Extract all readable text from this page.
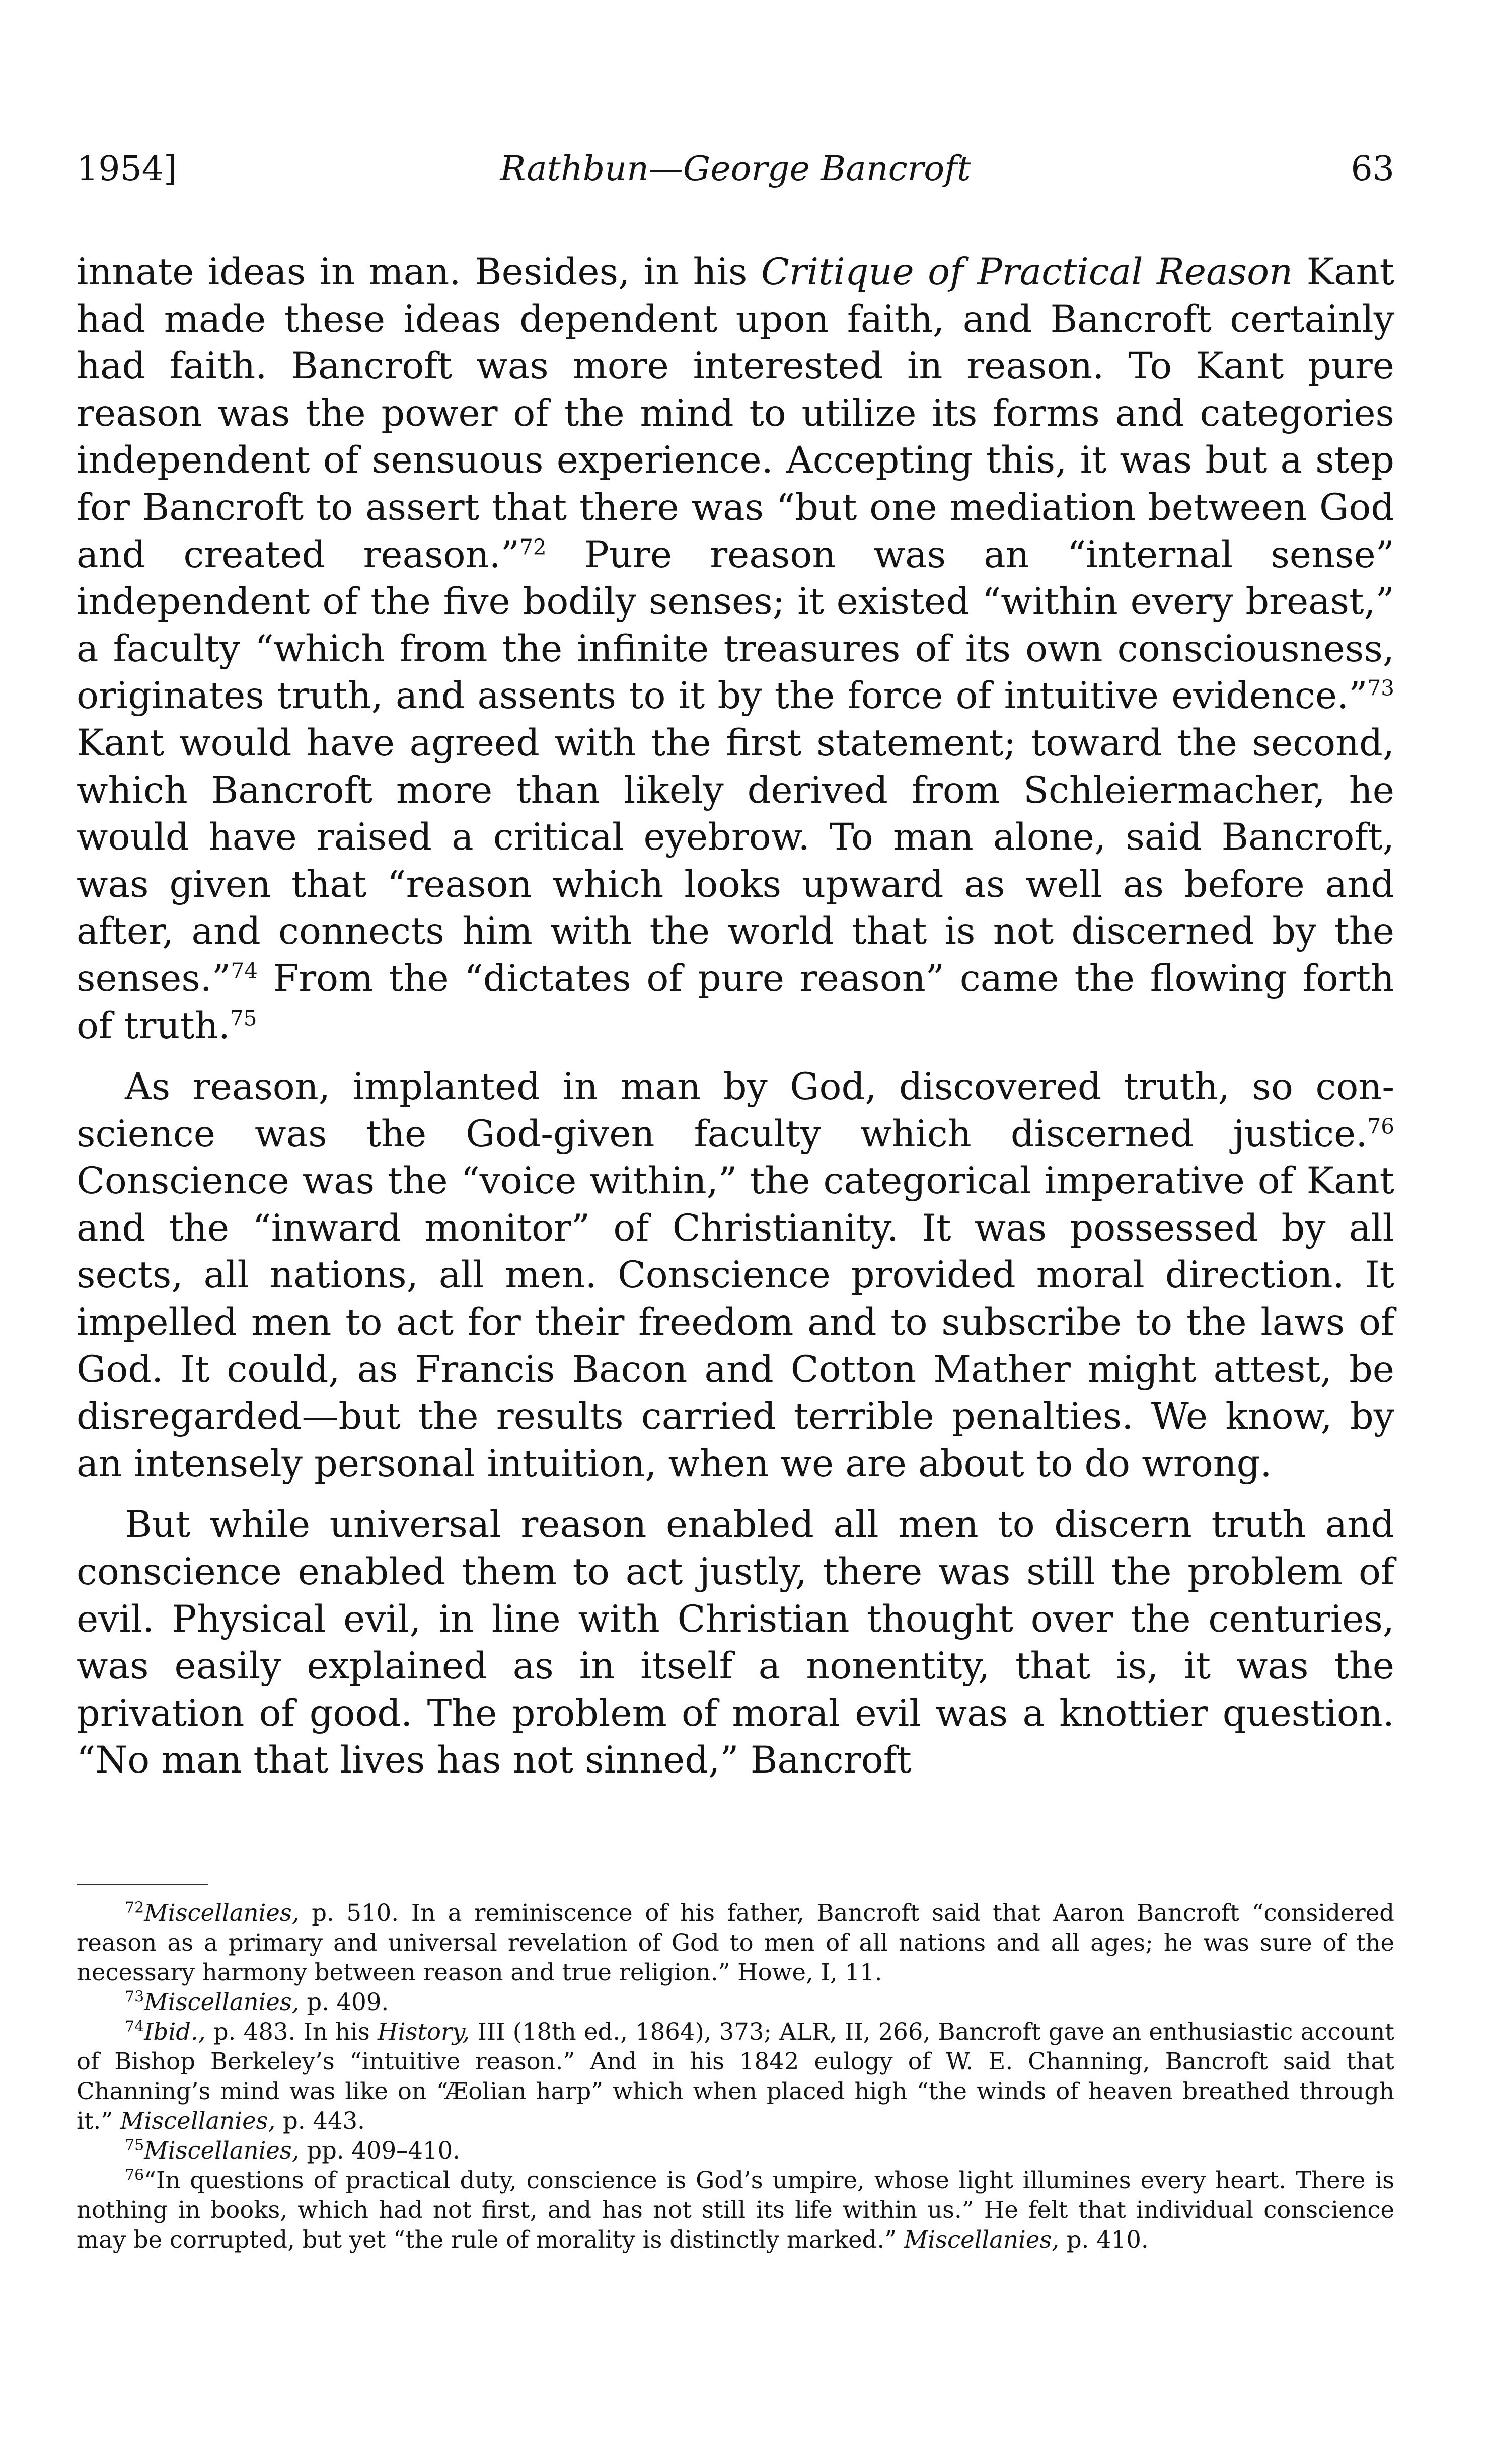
1954]	Rathbun—George Bancroft	63

innate ideas in man. Besides, in his Critique of Practical Reason Kant had made these ideas dependent upon faith, and Bancroft certainly had faith. Bancroft was more interested in reason. To Kant pure reason was the power of the mind to utilize its forms and categories independent of sensuous experience. Accepting this, it was but a step for Bancroft to assert that there was “but one mediation between God and created reason.”$^{72}$ Pure reason was an “internal sense” independent of the five bodily senses; it existed “within every breast,” a faculty “which from the infinite treasures of its own consciousness, originates truth, and assents to it by the force of intuitive evidence.”$^{73}$ Kant would have agreed with the first statement; toward the second, which Bancroft more than likely derived from Schleiermacher, he would have raised a critical eyebrow. To man alone, said Bancroft, was given that “reason which looks upward as well as before and after, and connects him with the world that is not discerned by the senses.”$^{74}$ From the “dictates of pure reason” came the flowing forth of truth.$^{75}$

As reason, implanted in man by God, discovered truth, so conscience was the God-given faculty which discerned justice.$^{76}$ Conscience was the “voice within,” the categorical imperative of Kant and the “inward monitor” of Christianity. It was possessed by all sects, all nations, all men. Conscience provided moral direction. It impelled men to act for their freedom and to subscribe to the laws of God. It could, as Francis Bacon and Cotton Mather might attest, be disregarded—but the results carried terrible penalties. We know, by an intensely personal intuition, when we are about to do wrong.

But while universal reason enabled all men to discern truth and conscience enabled them to act justly, there was still the problem of evil. Physical evil, in line with Christian thought over the centuries, was easily explained as in itself a nonentity, that is, it was the privation of good. The problem of moral evil was a knottier question. “No man that lives has not sinned,” Bancroft

$^{72}$Miscellanies, p. 510. In a reminiscence of his father, Bancroft said that Aaron Bancroft “considered reason as a primary and universal revelation of God to men of all nations and all ages; he was sure of the necessary harmony between reason and true religion.” Howe, I, 11.

$^{73}$Miscellanies, p. 409.

$^{74}$Ibid., p. 483. In his History, III (18th ed., 1864), 373; ALR, II, 266, Bancroft gave an enthusiastic account of Bishop Berkeley’s “intuitive reason.” And in his 1842 eulogy of W. E. Channing, Bancroft said that Channing’s mind was like on “Æolian harp” which when placed high “the winds of heaven breathed through it.” Miscellanies, p. 443.

$^{75}$Miscellanies, pp. 409–410.

$^{76}$“In questions of practical duty, conscience is God’s umpire, whose light illumines every heart. There is nothing in books, which had not first, and has not still its life within us.” He felt that individual conscience may be corrupted, but yet “the rule of morality is distinctly marked.” Miscellanies, p. 410.
